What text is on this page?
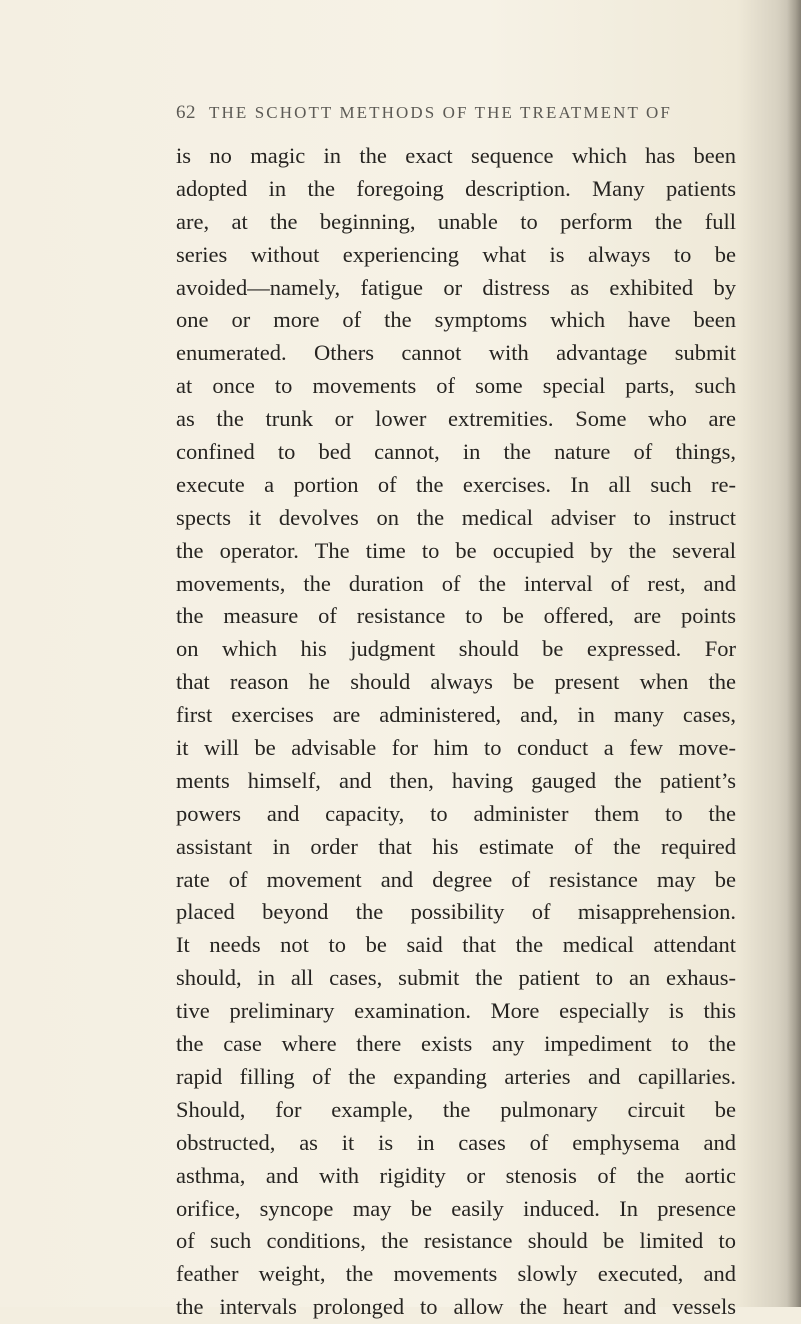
62 THE SCHOTT METHODS OF THE TREATMENT OF
is no magic in the exact sequence which has been
adopted in the foregoing description. Many patients
are, at the beginning, unable to perform the full
series without experiencing what is always to be
avoided—namely, fatigue or distress as exhibited by
one or more of the symptoms which have been
enumerated. Others cannot with advantage submit
at once to movements of some special parts, such
as the trunk or lower extremities. Some who are
confined to bed cannot, in the nature of things,
execute a portion of the exercises. In all such re-
spects it devolves on the medical adviser to instruct
the operator. The time to be occupied by the several
movements, the duration of the interval of rest, and
the measure of resistance to be offered, are points
on which his judgment should be expressed. For
that reason he should always be present when the
first exercises are administered, and, in many cases,
it will be advisable for him to conduct a few move-
ments himself, and then, having gauged the patient’s
powers and capacity, to administer them to the
assistant in order that his estimate of the required
rate of movement and degree of resistance may be
placed beyond the possibility of misapprehension.
It needs not to be said that the medical attendant
should, in all cases, submit the patient to an exhaus-
tive preliminary examination. More especially is this
the case where there exists any impediment to the
rapid filling of the expanding arteries and capillaries.
Should, for example, the pulmonary circuit be
obstructed, as it is in cases of emphysema and
asthma, and with rigidity or stenosis of the aortic
orifice, syncope may be easily induced. In presence
of such conditions, the resistance should be limited to
feather weight, the movements slowly executed, and
the intervals prolonged to allow the heart and vessels
